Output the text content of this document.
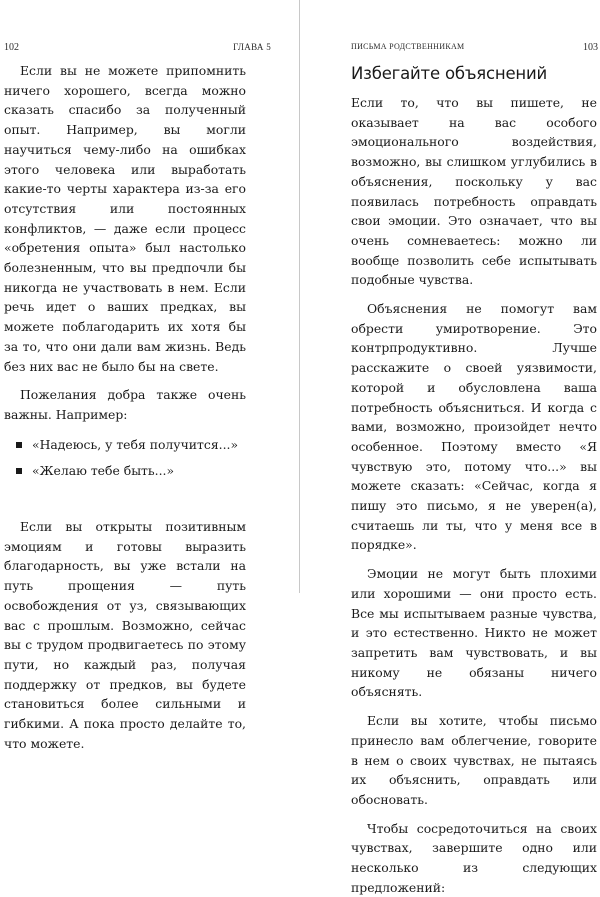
102	ГЛАВА 5

Если вы не можете припомнить ничего хорошего, всегда можно сказать спасибо за полученный опыт. Например, вы могли научиться чему-либо на ошибках этого человека или выработать какие-то черты характера из-за его отсутствия или постоянных конфликтов, — даже если процесс «обретения опыта» был настолько болезненным, что вы предпочли бы никогда не участвовать в нем. Если речь идет о ваших предках, вы можете поблагодарить их хотя бы за то, что они дали вам жизнь. Ведь без них вас не было бы на свете.

Пожелания добра также очень важны. Например:

«Надеюсь, у тебя получится...»
«Желаю тебе быть...»

Если вы открыты позитивным эмоциям и готовы выразить благодарность, вы уже встали на путь прощения — путь освобождения от уз, связывающих вас с прошлым. Возможно, сейчас вы с трудом продвигаетесь по этому пути, но каждый раз, получая поддержку от предков, вы будете становиться более сильными и гибкими. А пока просто делайте то, что можете.

ПИСЬМА РОДСТВЕННИКАМ	103
Избегайте объяснений

Если то, что вы пишете, не оказывает на вас особого эмоционального воздействия, возможно, вы слишком углубились в объяснения, поскольку у вас появилась потребность оправдать свои эмоции. Это означает, что вы очень сомневаетесь: можно ли вообще позволить себе испытывать подобные чувства.

Объяснения не помогут вам обрести умиротворение. Это контрпродуктивно. Лучше расскажите о своей уязвимости, которой и обусловлена ваша потребность объясниться. И когда с вами, возможно, произойдет нечто особенное. Поэтому вместо «Я чувствую это, потому что...» вы можете сказать: «Сейчас, когда я пишу это письмо, я не уверен(а), считаешь ли ты, что у меня все в порядке».

Эмоции не могут быть плохими или хорошими — они просто есть. Все мы испытываем разные чувства, и это естественно. Никто не может запретить вам чувствовать, и вы никому не обязаны ничего объяснять.

Если вы хотите, чтобы письмо принесло вам облегчение, говорите в нем о своих чувствах, не пытаясь их объяснить, оправдать или обосновать.

Чтобы сосредоточиться на своих чувствах, завершите одно или несколько из следующих предложений:
